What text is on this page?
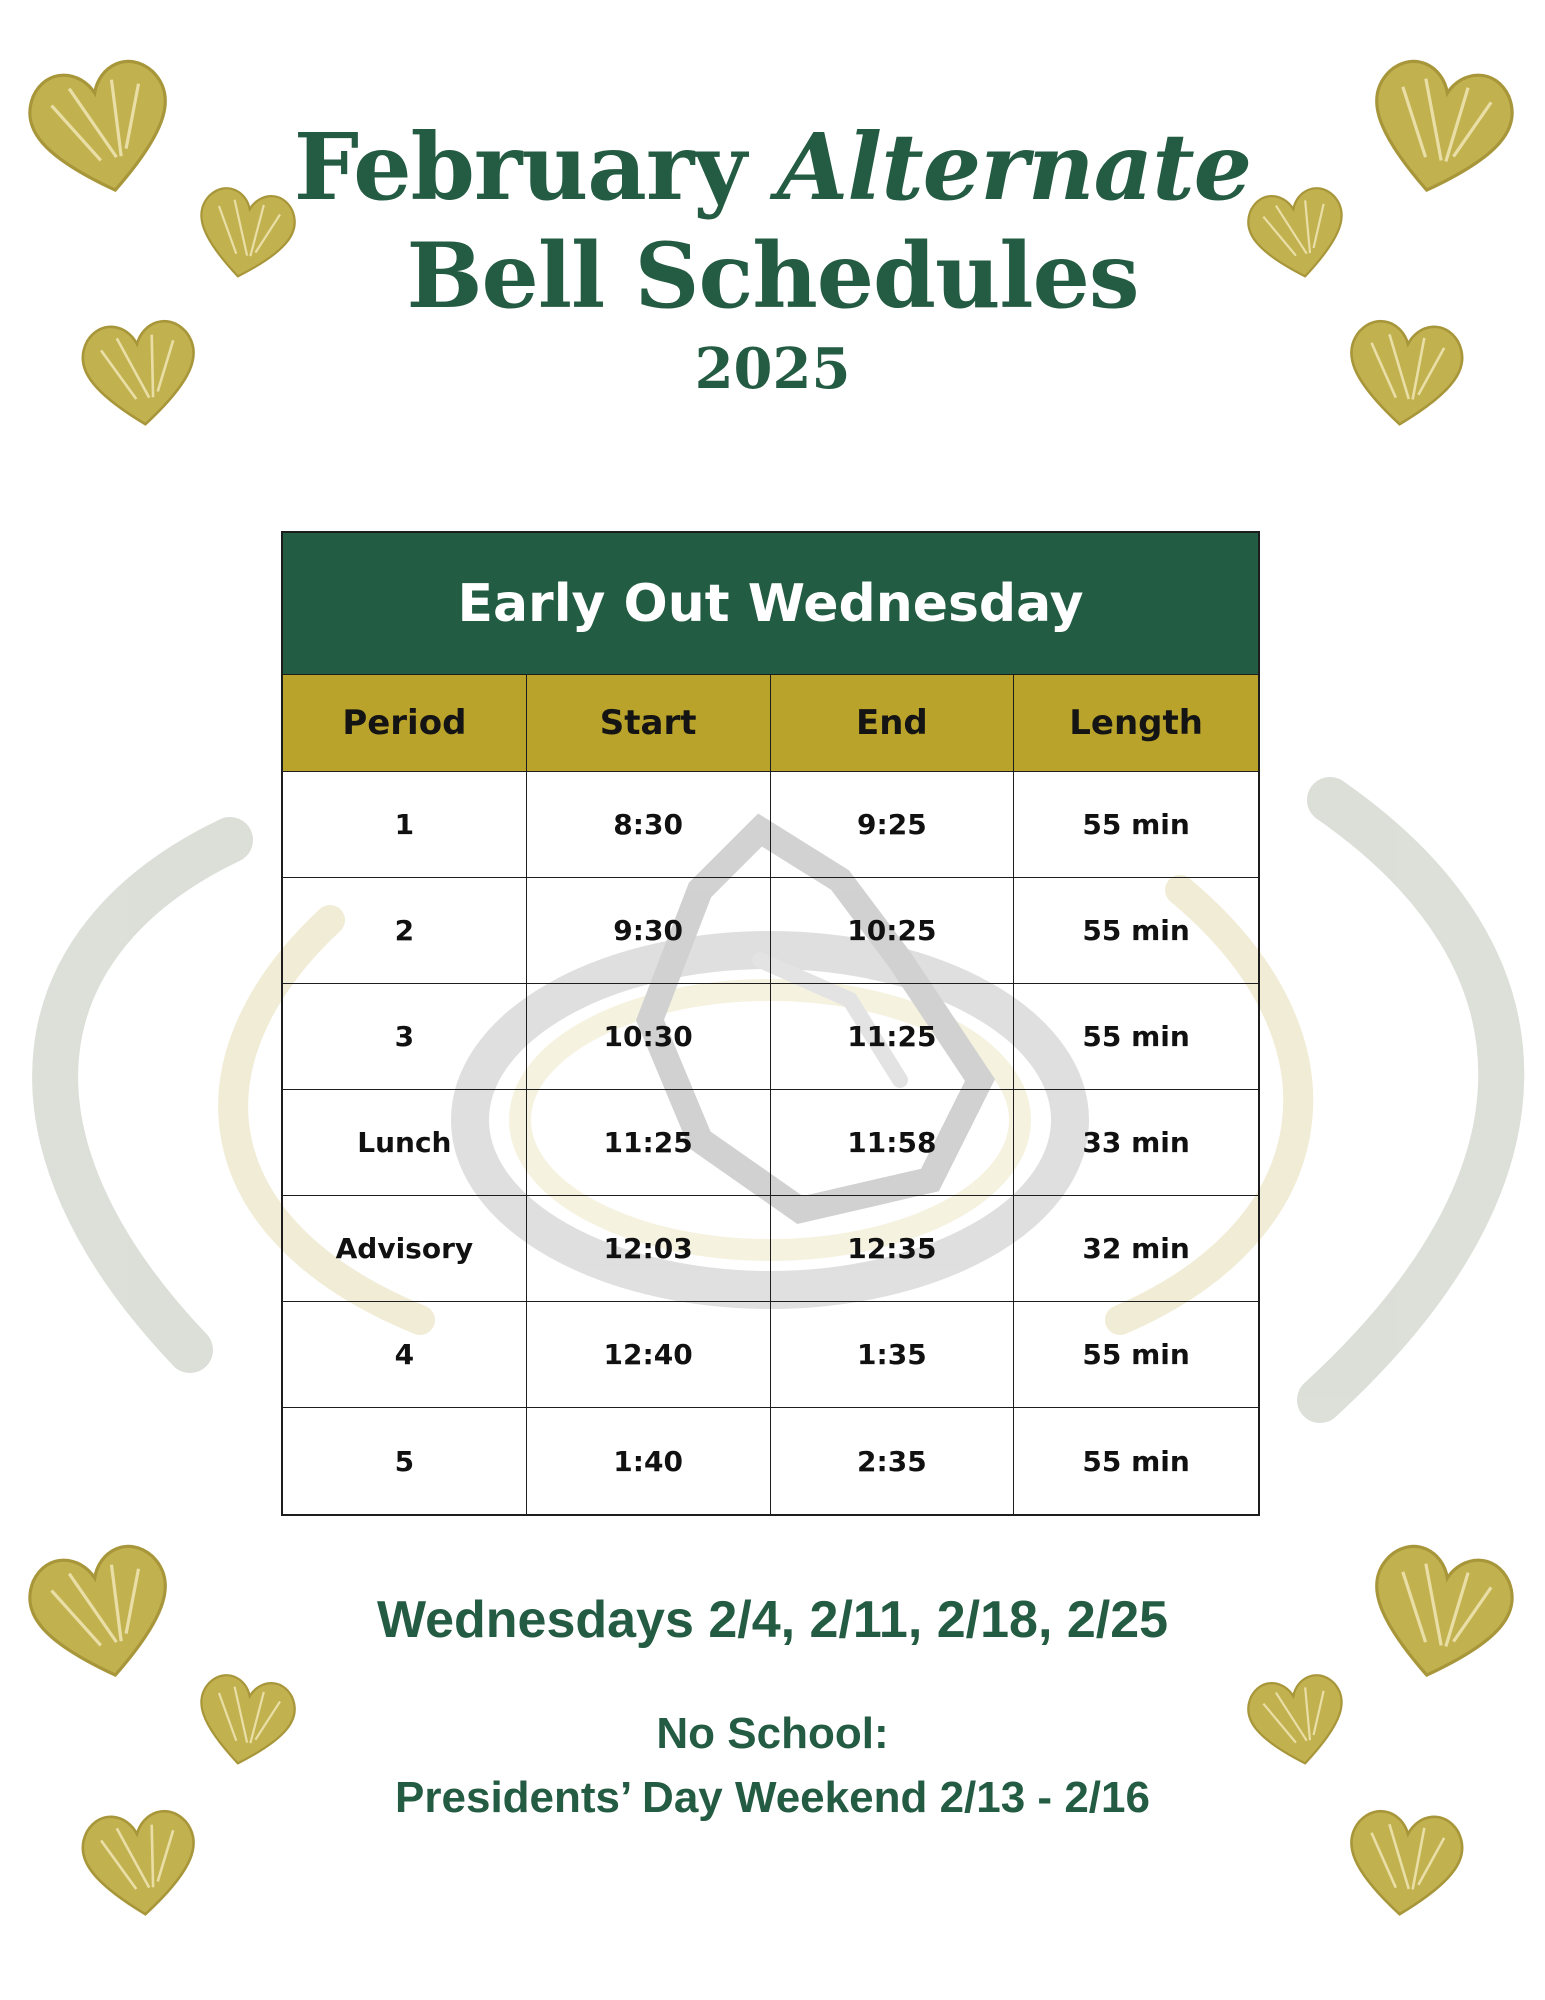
February Alternate
Bell Schedules
2025
Early Out Wednesday
Period	Start	End	Length
1	8:30	9:25	55 min
2	9:30	10:25	55 min
3	10:30	11:25	55 min
Lunch	11:25	11:58	33 min
Advisory	12:03	12:35	32 min
4	12:40	1:35	55 min
5	1:40	2:35	55 min
Wednesdays 2/4, 2/11, 2/18, 2/25
No School:
Presidents’ Day Weekend 2/13 - 2/16
